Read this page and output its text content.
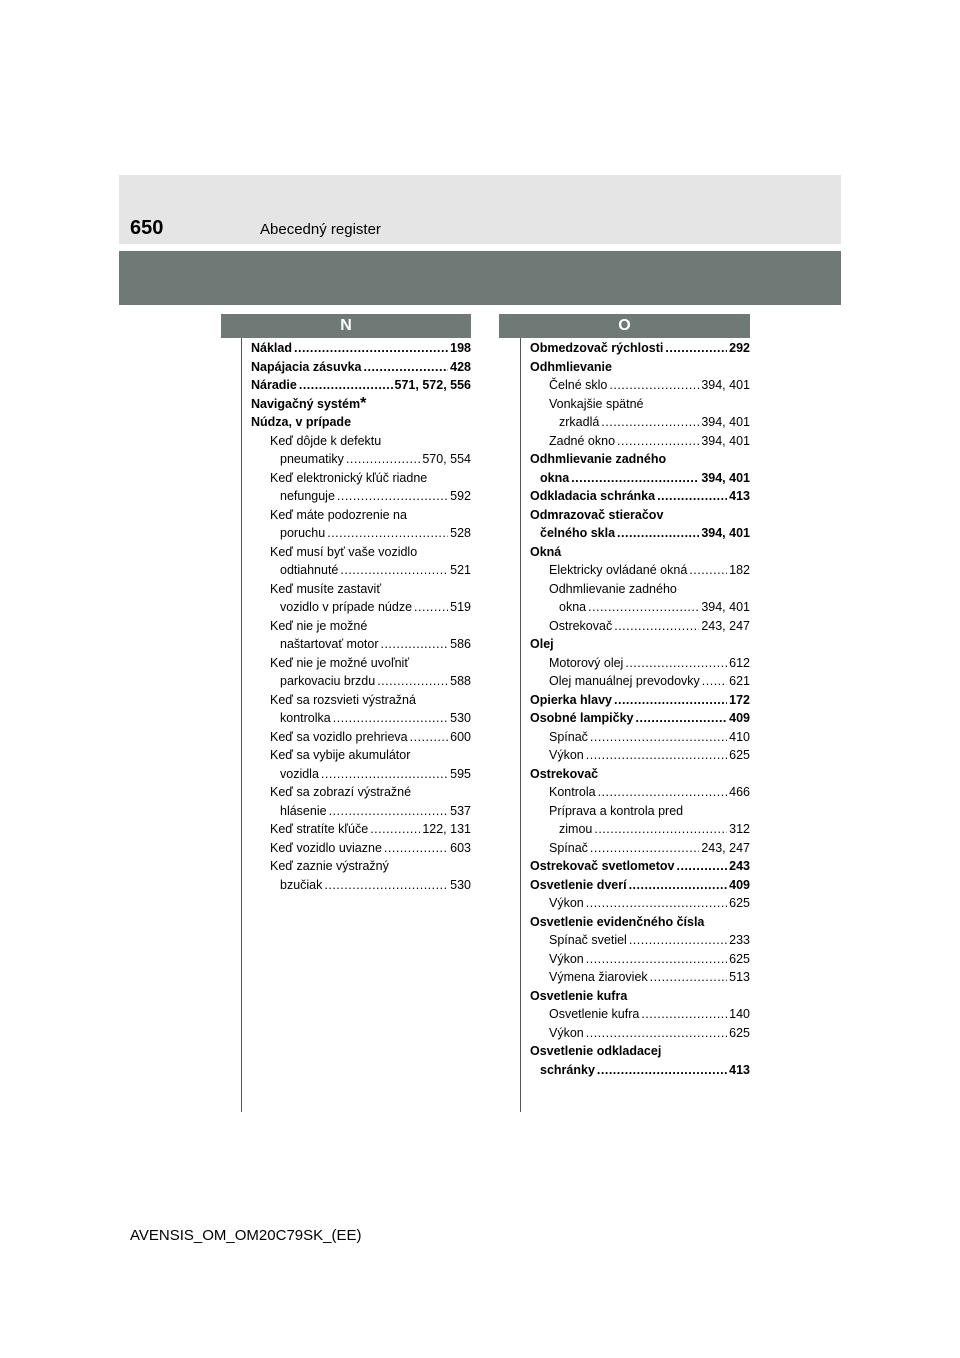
650	Abecedný register
N	O
Náklad .....	198
Napájacia zásuvka .....	428
Náradie .....	571, 572, 556
Navigačný systém *
Núdza, v prípade
Keď dôjde k defektu
pneumatiky .....	570, 554
Keď elektronický kľúč riadne
nefunguje .....	592
Keď máte podozrenie na
poruchu .....	528
Keď musí byť vaše vozidlo
odtiahnuté .....	521
Keď musíte zastaviť
vozidlo v prípade núdze .....	519
Keď nie je možné
naštartovať motor .....	586
Keď nie je možné uvoľniť
parkovaciu brzdu .....	588
Keď sa rozsvieti výstražná
kontrolka .....	530
Keď sa vozidlo prehrieva .....	600
Keď sa vybije akumulátor
vozidla .....	595
Keď sa zobrazí výstražné
hlásenie .....	537
Keď stratíte kľúče .....	122, 131
Keď vozidlo uviazne .....	603
Keď zaznie výstražný
bzučiak .....	530
Obmedzovač rýchlosti .....	292
Odhmlievanie
Čelné sklo .....	394, 401
Vonkajšie spätné
zrkadlá .....	394, 401
Zadné okno .....	394, 401
Odhmlievanie zadného
okna .....	394, 401
Odkladacia schránka .....	413
Odmrazovač stieračov
čelného skla .....	394, 401
Okná
Elektricky ovládané okná .....	182
Odhmlievanie zadného
okna .....	394, 401
Ostrekovač .....	243, 247
Olej
Motorový olej .....	612
Olej manuálnej prevodovky ..... 621
Opierka hlavy .....	172
Osobné lampičky .....	409
Spínač .....	410
Výkon .....	625
Ostrekovač
Kontrola .....	466
Príprava a kontrola pred
zimou .....	312
Spínač .....	243, 247
Ostrekovač svetlometov .....	243
Osvetlenie dverí .....	409
Výkon .....	625
Osvetlenie evidenčného čísla
Spínač svetiel .....	233
Výkon .....	625
Výmena žiaroviek .....	513
Osvetlenie kufra
Osvetlenie kufra .....	140
Výkon .....	625
Osvetlenie odkladacej
schránky .....	413
AVENSIS_OM_OM20C79SK_(EE)
